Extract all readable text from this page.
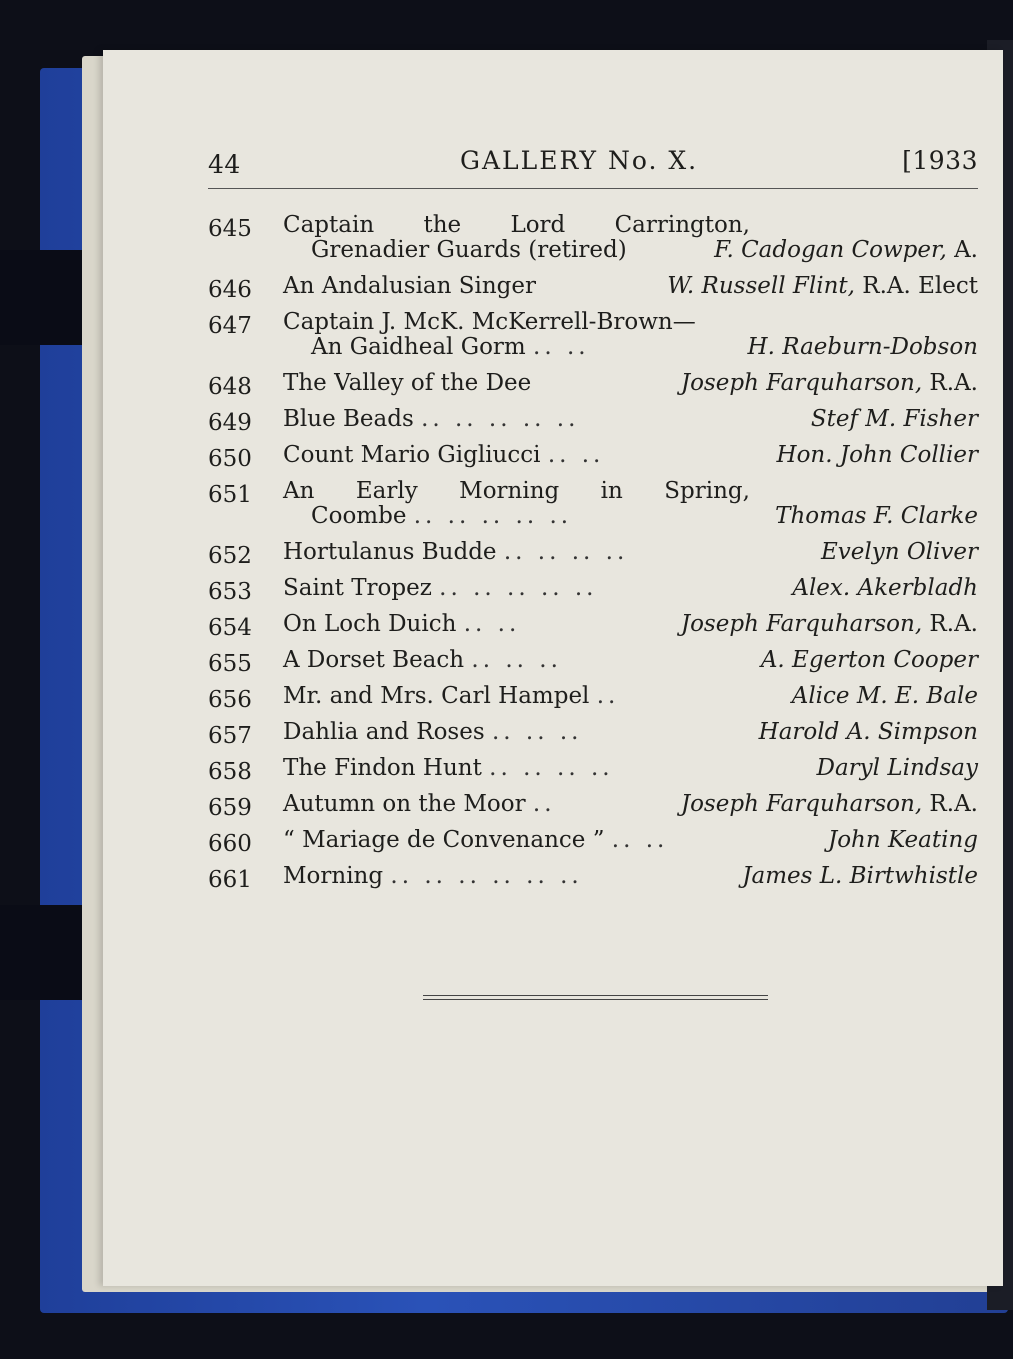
44	GALLERY No. X.	[1933
645	Captain the Lord Carrington,
Grenadier Guards (retired)	F. Cadogan Cowper, A.
646	An Andalusian Singer	W. Russell Flint, R.A. Elect
647	Captain J. McK. McKerrell-Brown—
An Gaidheal Gorm .. ..	H. Raeburn-Dobson
648	The Valley of the Dee	Joseph Farquharson, R.A.
649	Blue Beads .. .. .. .. ..	Stef M. Fisher
650	Count Mario Gigliucci .. ..	Hon. John Collier
651	An Early Morning in Spring,
Coombe .. .. .. .. ..	Thomas F. Clarke
652	Hortulanus Budde .. .. .. ..	Evelyn Oliver
653	Saint Tropez .. .. .. .. ..	Alex. Akerbladh
654	On Loch Duich .. ..	Joseph Farquharson, R.A.
655	A Dorset Beach .. .. ..	A. Egerton Cooper
656	Mr. and Mrs. Carl Hampel ..	Alice M. E. Bale
657	Dahlia and Roses .. .. ..	Harold A. Simpson
658	The Findon Hunt .. .. .. ..	Daryl Lindsay
659	Autumn on the Moor ..	Joseph Farquharson, R.A.
660	“ Mariage de Convenance ” .. ..	John Keating
661	Morning .. .. .. .. .. ..	James L. Birtwhistle
